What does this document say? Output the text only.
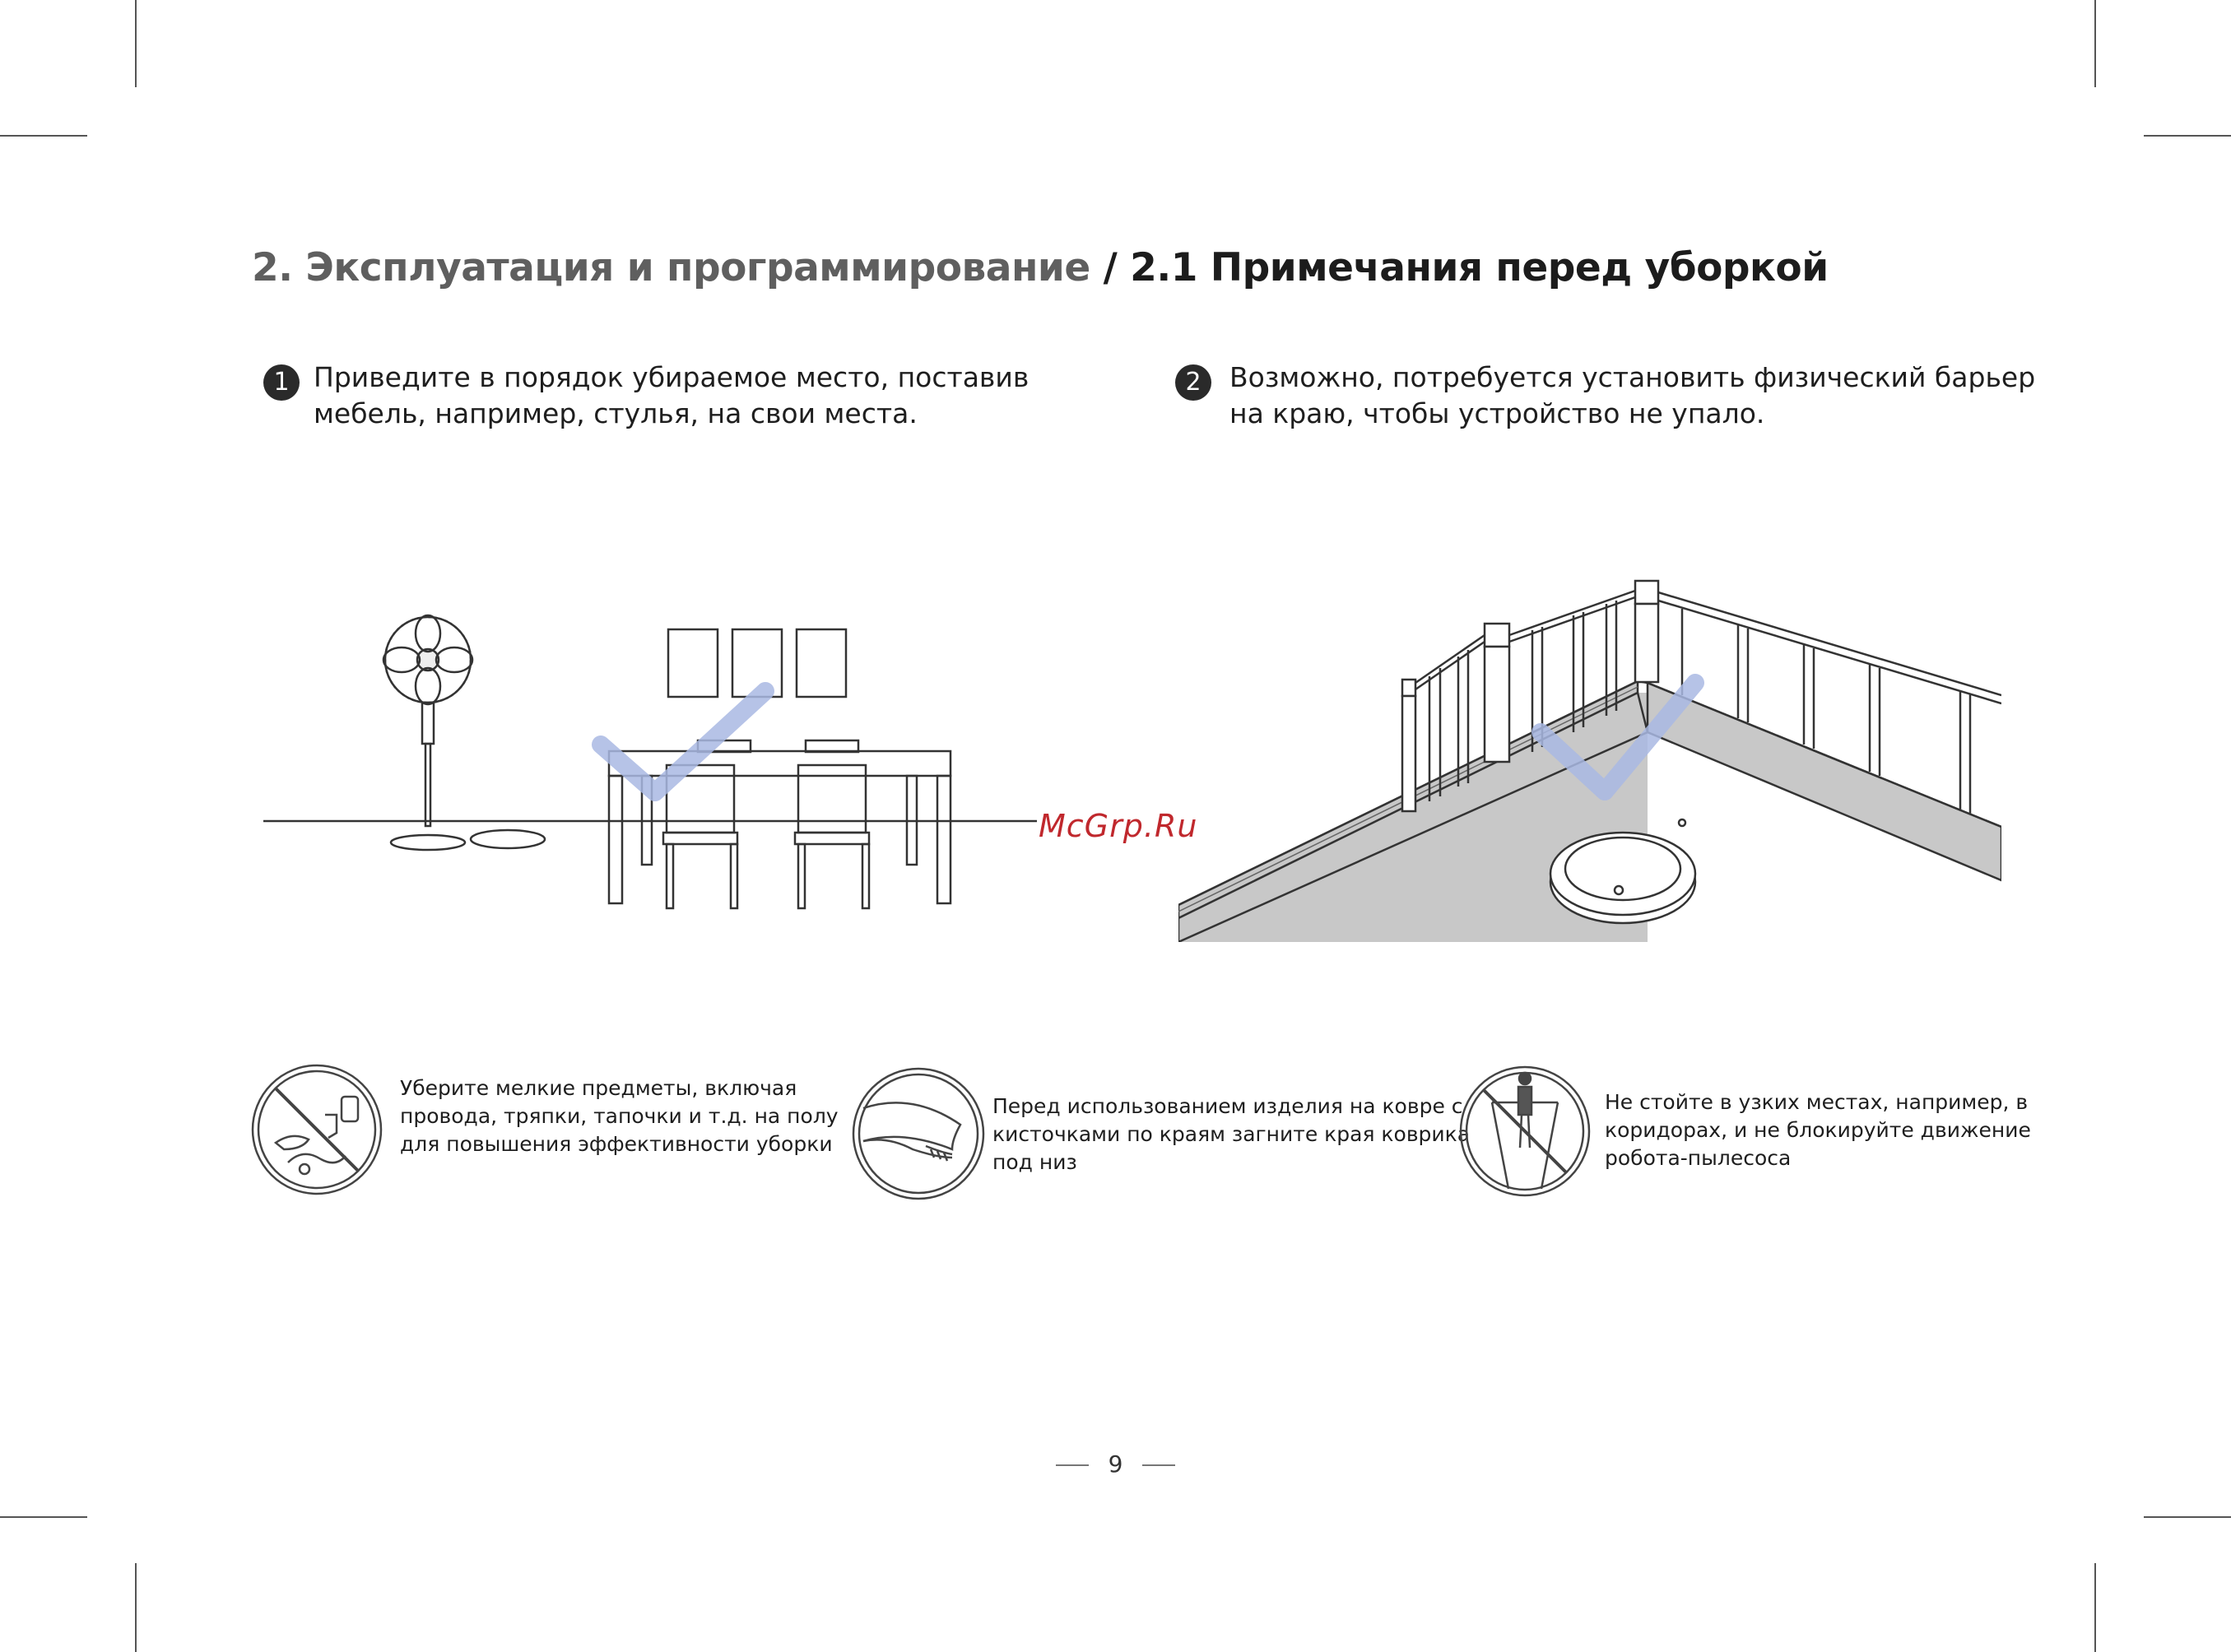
2. Эксплуатация и программирование / 2.1 Примечания перед уборкой
1 Приведите в порядок убираемое место, поставив
мебель, например, стулья, на свои места.
2	Возможно, потребуется установить физический барьер
на краю, чтобы устройство не упало.
McGrp.Ru
Уберите мелкие предметы, включая
провода, тряпки, тапочки и т.д. на полу
для повышения эффективности уборки
Перед использованием изделия на ковре с
кисточками по краям загните края коврика
под низ
Не стойте в узких местах, например, в
коридорах, и не блокируйте движение
робота-пылесоса
9
